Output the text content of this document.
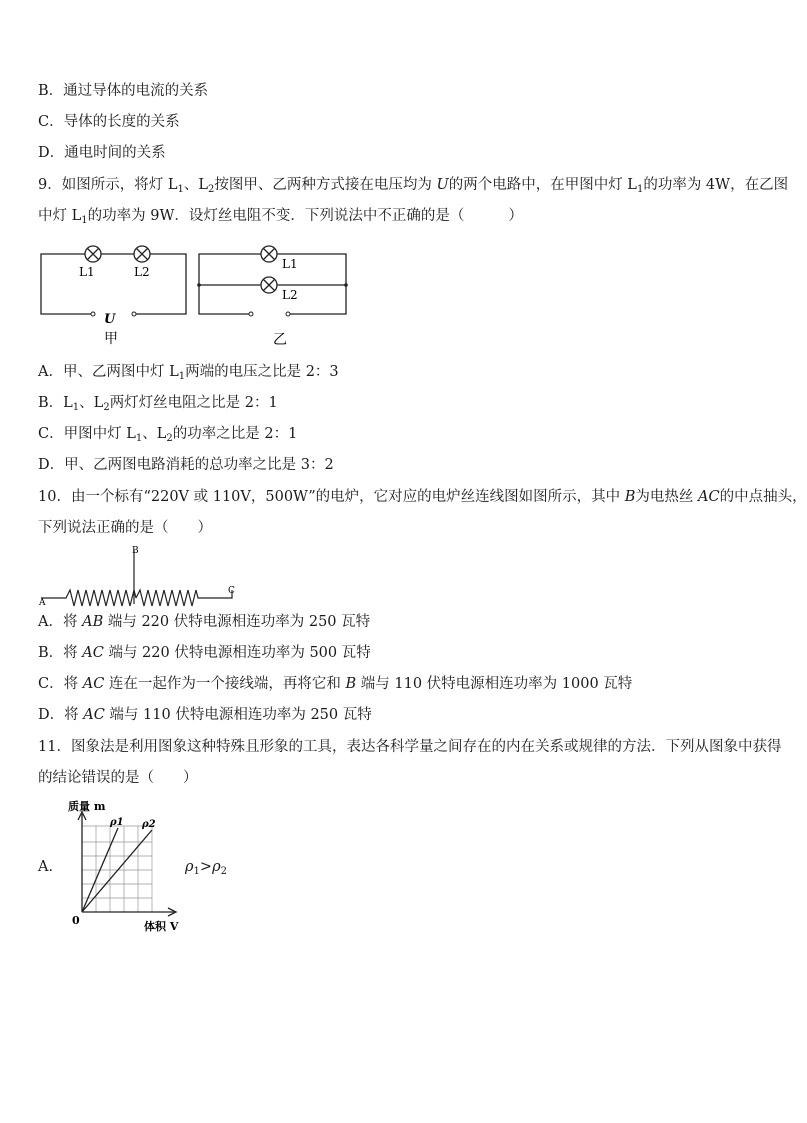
B．通过导体的电流的关系
C．导体的长度的关系
D．通电时间的关系
9．如图所示，将灯 $L_1$、$L_2$按图甲、乙两种方式接在电压均为 U的两个电路中，在甲图中灯 $L_1$的功率为 4W，在乙图
中灯 $L_1$的功率为 9W．设灯丝电阻不变．下列说法中不正确的是（	）
L1	L2
U
甲
L1
L2
乙
A．甲、乙两图中灯 $L_1$两端的电压之比是 2：3
B．$L_1$、$L_2$两灯灯丝电阻之比是 2：1
C．甲图中灯 $L_1$、$L_2$的功率之比是 2：1
D．甲、乙两图电路消耗的总功率之比是 3：2
10．由一个标有“220V 或 110V，500W”的电炉，它对应的电炉丝连线图如图所示，其中 B为电热丝 AC的中点抽头，
下列说法正确的是（　　）
A
B
C
A．将 AB 端与 220 伏特电源相连功率为 250 瓦特
B．将 AC 端与 220 伏特电源相连功率为 500 瓦特
C．将 AC 连在一起作为一个接线端，再将它和 B 端与 110 伏特电源相连功率为 1000 瓦特
D．将 AC 端与 110 伏特电源相连功率为 250 瓦特
11．图象法是利用图象这种特殊且形象的工具，表达各科学量之间存在的内在关系或规律的方法．下列从图象中获得
的结论错误的是（　　）
A．
质量 m
ρ1 ρ2
0	体积 V
$\rho_1>\rho_2$
